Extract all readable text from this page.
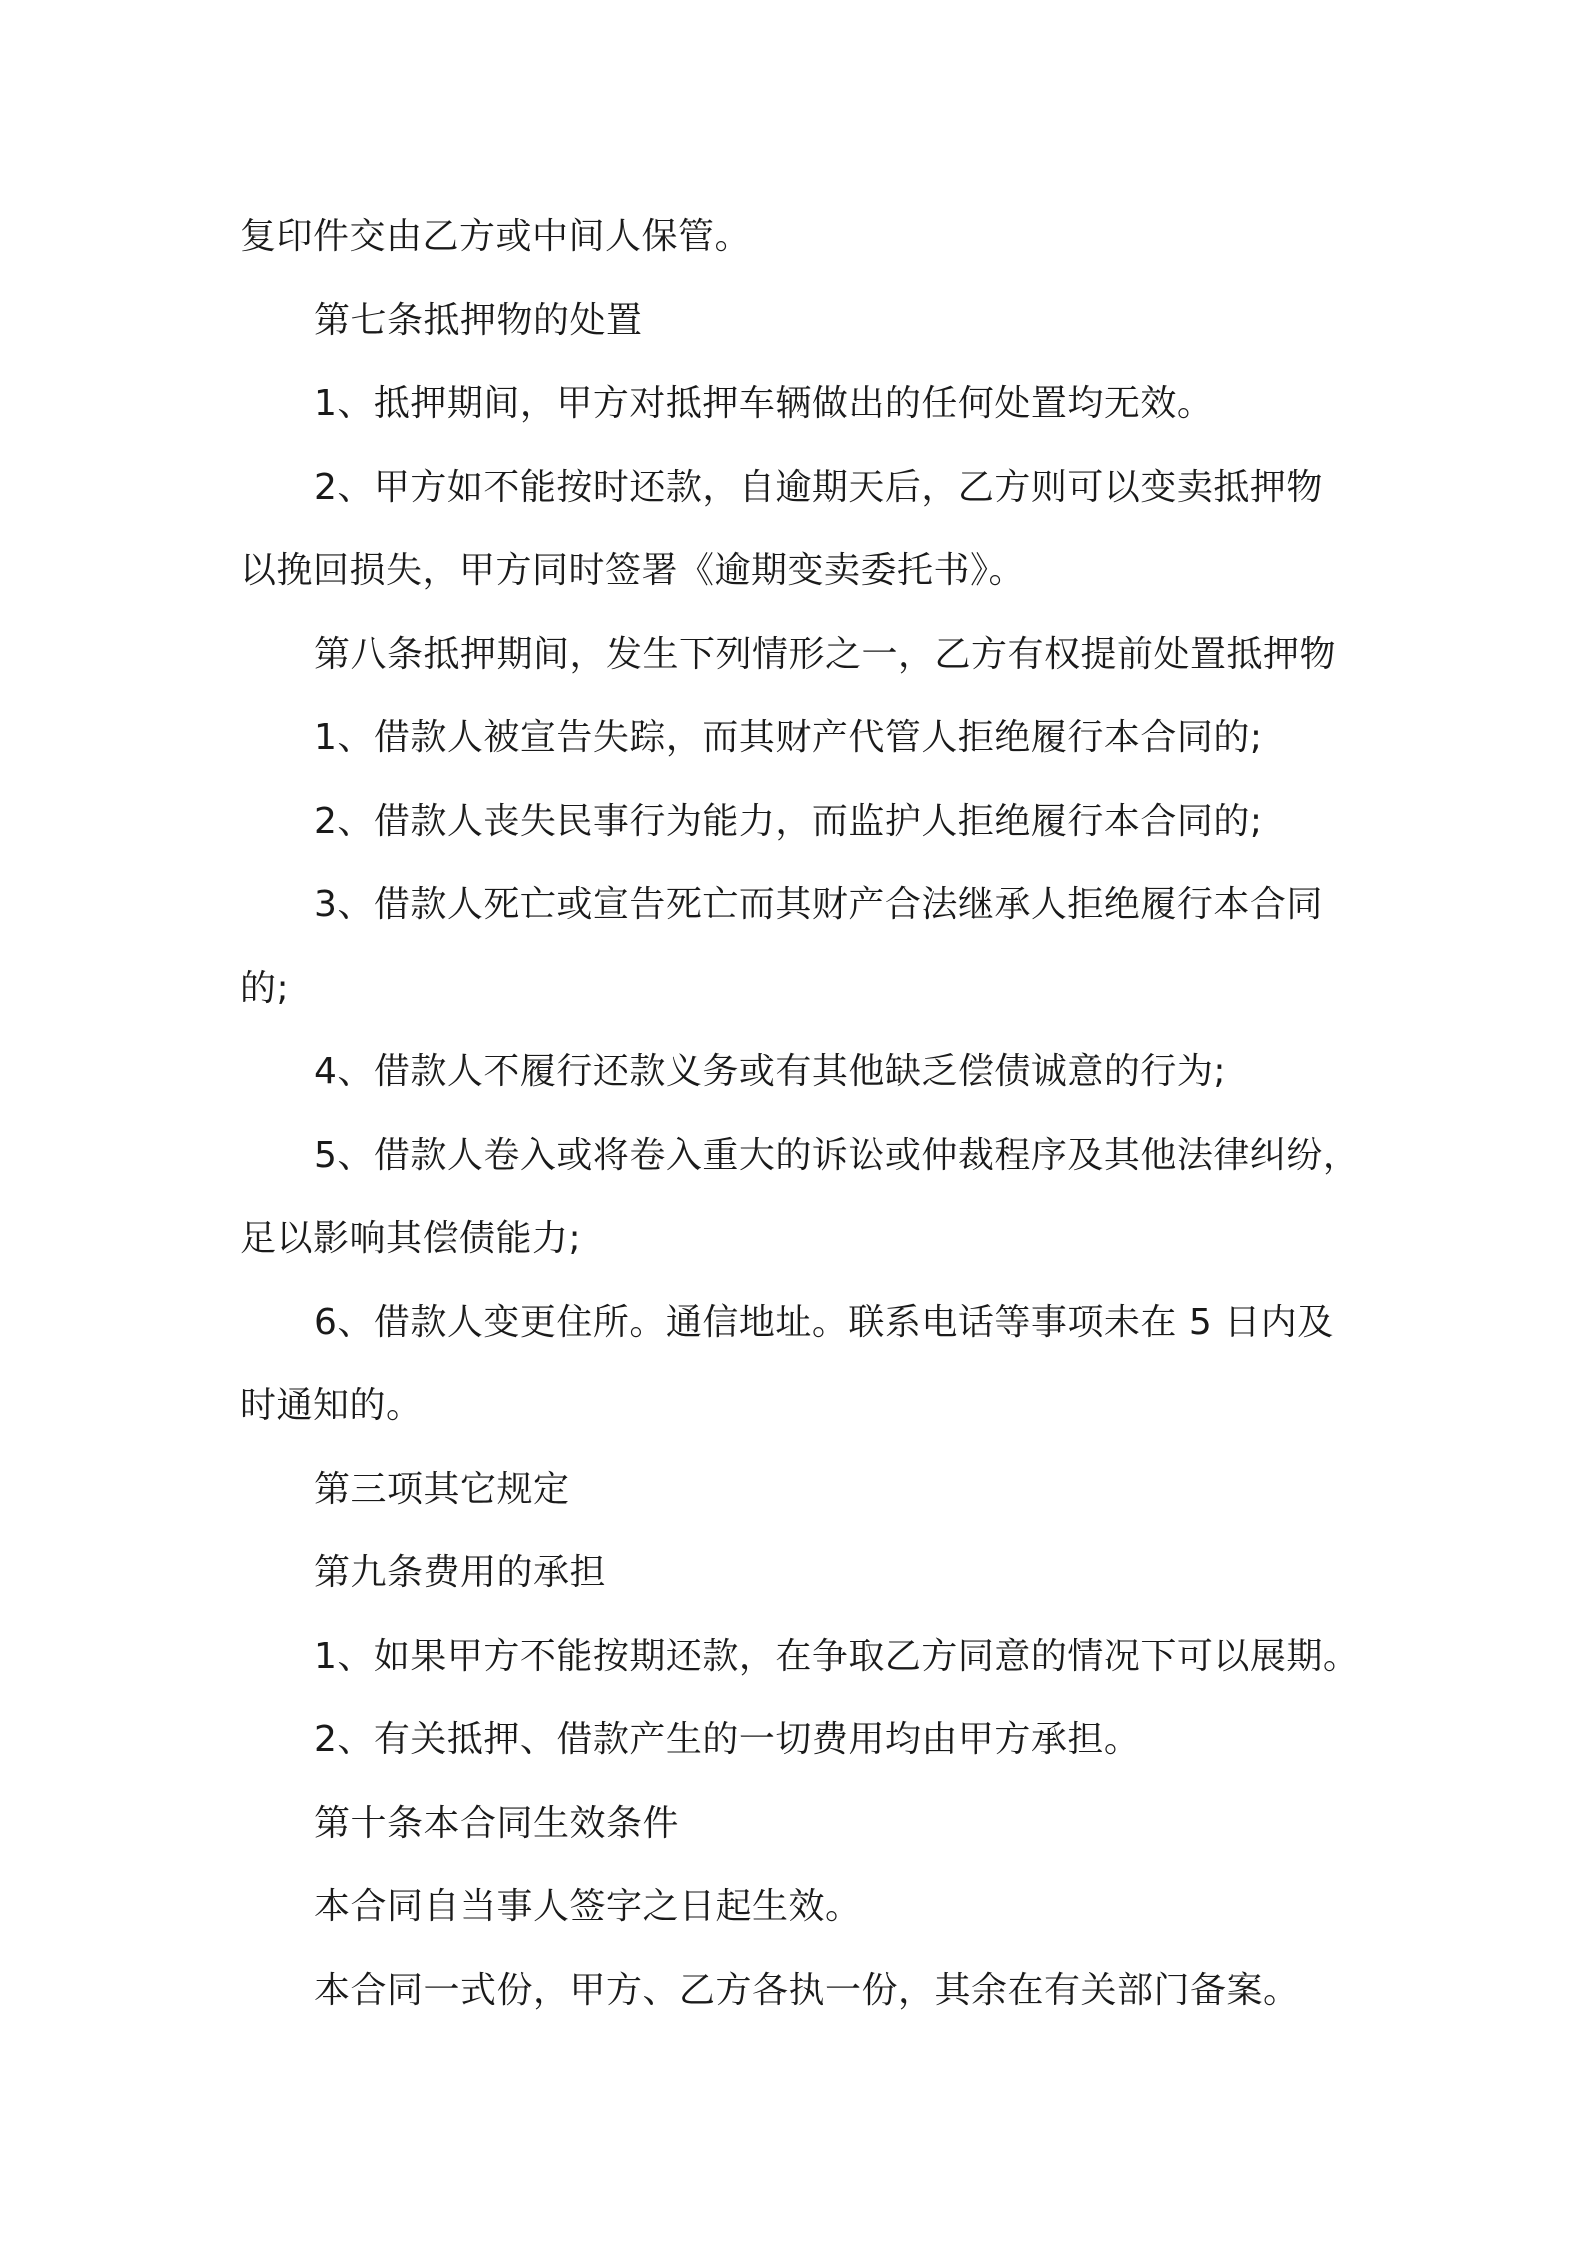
复印件交由乙方或中间人保管。
第七条抵押物的处置
1、抵押期间，甲方对抵押车辆做出的任何处置均无效。
2、甲方如不能按时还款，自逾期天后，乙方则可以变卖抵押物
以挽回损失，甲方同时签署《逾期变卖委托书》。
第八条抵押期间，发生下列情形之一，乙方有权提前处置抵押物
1、借款人被宣告失踪，而其财产代管人拒绝履行本合同的;
2、借款人丧失民事行为能力，而监护人拒绝履行本合同的;
3、借款人死亡或宣告死亡而其财产合法继承人拒绝履行本合同
的;
4、借款人不履行还款义务或有其他缺乏偿债诚意的行为;
5、借款人卷入或将卷入重大的诉讼或仲裁程序及其他法律纠纷，
足以影响其偿债能力;
6、借款人变更住所。通信地址。联系电话等事项未在 5 日内及
时通知的。
第三项其它规定
第九条费用的承担
1、如果甲方不能按期还款，在争取乙方同意的情况下可以展期。
2、有关抵押、借款产生的一切费用均由甲方承担。
第十条本合同生效条件
本合同自当事人签字之日起生效。
本合同一式份，甲方、乙方各执一份，其余在有关部门备案。
